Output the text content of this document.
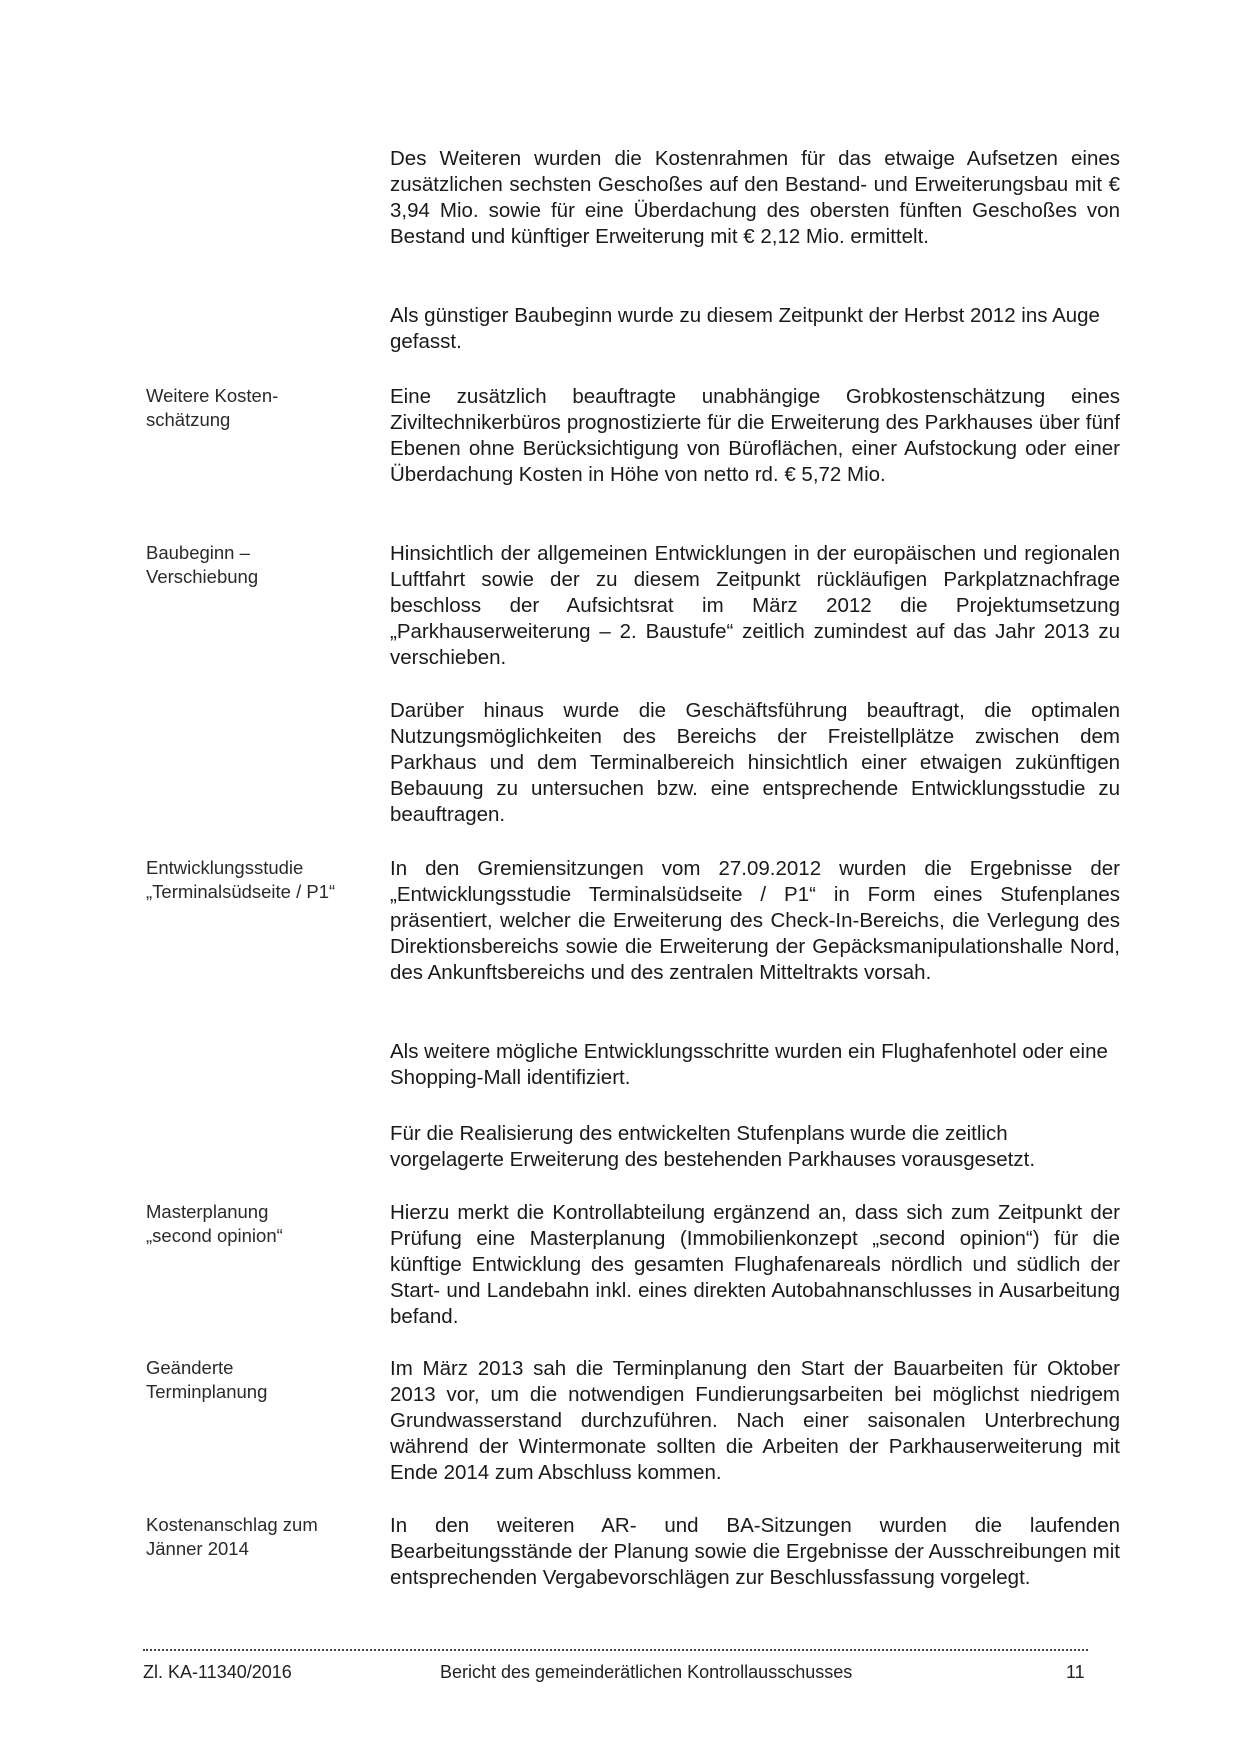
Des Weiteren wurden die Kostenrahmen für das etwaige Aufsetzen eines zusätzlichen sechsten Geschoßes auf den Bestand- und Erweiterungsbau mit € 3,94 Mio. sowie für eine Überdachung des obersten fünften Geschoßes von Bestand und künftiger Erweiterung mit € 2,12 Mio. ermittelt.

Als günstiger Baubeginn wurde zu diesem Zeitpunkt der Herbst 2012 ins Auge gefasst.

Weitere Kosten-
schätzung

Eine zusätzlich beauftragte unabhängige Grobkostenschätzung eines Ziviltechnikerbüros prognostizierte für die Erweiterung des Parkhauses über fünf Ebenen ohne Berücksichtigung von Büroflächen, einer Aufstockung oder einer Überdachung Kosten in Höhe von netto rd. € 5,72 Mio.

Baubeginn –
Verschiebung

Hinsichtlich der allgemeinen Entwicklungen in der europäischen und regionalen Luftfahrt sowie der zu diesem Zeitpunkt rückläufigen Parkplatznachfrage beschloss der Aufsichtsrat im März 2012 die Projektumsetzung „Parkhauserweiterung – 2. Baustufe“ zeitlich zumindest auf das Jahr 2013 zu verschieben.

Darüber hinaus wurde die Geschäftsführung beauftragt, die optimalen Nutzungsmöglichkeiten des Bereichs der Freistellplätze zwischen dem Parkhaus und dem Terminalbereich hinsichtlich einer etwaigen zukünftigen Bebauung zu untersuchen bzw. eine entsprechende Entwicklungsstudie zu beauftragen.

Entwicklungsstudie
„Terminalsüdseite / P1“

In den Gremiensitzungen vom 27.09.2012 wurden die Ergebnisse der „Entwicklungsstudie Terminalsüdseite / P1“ in Form eines Stufenplanes präsentiert, welcher die Erweiterung des Check-In-Bereichs, die Verlegung des Direktionsbereichs sowie die Erweiterung der Gepäcksmanipulationshalle Nord, des Ankunftsbereichs und des zentralen Mitteltrakts vorsah.

Als weitere mögliche Entwicklungsschritte wurden ein Flughafenhotel oder eine Shopping-Mall identifiziert.

Für die Realisierung des entwickelten Stufenplans wurde die zeitlich vorgelagerte Erweiterung des bestehenden Parkhauses vorausgesetzt.

Masterplanung
„second opinion“

Hierzu merkt die Kontrollabteilung ergänzend an, dass sich zum Zeitpunkt der Prüfung eine Masterplanung (Immobilienkonzept „second opinion“) für die künftige Entwicklung des gesamten Flughafenareals nördlich und südlich der Start- und Landebahn inkl. eines direkten Autobahnanschlusses in Ausarbeitung befand.

Geänderte
Terminplanung

Im März 2013 sah die Terminplanung den Start der Bauarbeiten für Oktober 2013 vor, um die notwendigen Fundierungsarbeiten bei möglichst niedrigem Grundwasserstand durchzuführen. Nach einer saisonalen Unterbrechung während der Wintermonate sollten die Arbeiten der Parkhauserweiterung mit Ende 2014 zum Abschluss kommen.

Kostenanschlag zum
Jänner 2014

In den weiteren AR- und BA-Sitzungen wurden die laufenden Bearbeitungsstände der Planung sowie die Ergebnisse der Ausschreibungen mit entsprechenden Vergabevorschlägen zur Beschlussfassung vorgelegt.

Zl. KA-11340/2016	Bericht des gemeinderätlichen Kontrollausschusses	11
